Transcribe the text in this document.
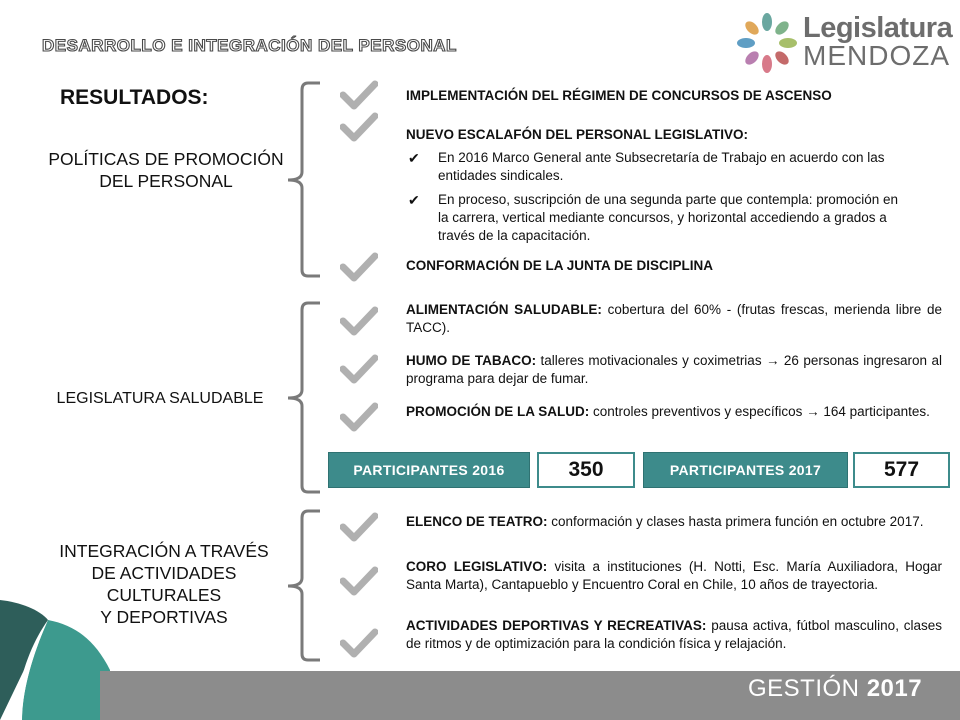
DESARROLLO E INTEGRACIÓN DEL PERSONAL
Legislatura
MENDOZA
RESULTADOS:
POLÍTICAS DE PROMOCIÓN DEL PERSONAL
LEGISLATURA SALUDABLE
INTEGRACIÓN A TRAVÉS
DE ACTIVIDADES
CULTURALES
Y DEPORTIVAS
IMPLEMENTACIÓN DEL RÉGIMEN DE CONCURSOS DE ASCENSO
NUEVO ESCALAFÓN DEL PERSONAL LEGISLATIVO:
✔ En 2016 Marco General ante Subsecretaría de Trabajo en acuerdo con las entidades sindicales.
✔ En proceso, suscripción de una segunda parte que contempla: promoción en la carrera, vertical mediante concursos, y horizontal accediendo a grados a través de la capacitación.
CONFORMACIÓN DE LA JUNTA DE DISCIPLINA
ALIMENTACIÓN SALUDABLE: cobertura del 60% - (frutas frescas, merienda libre de TACC).
HUMO DE TABACO: talleres motivacionales y coximetrias → 26 personas ingresaron al programa para dejar de fumar.
PROMOCIÓN DE LA SALUD: controles preventivos y específicos → 164 participantes.
PARTICIPANTES 2016	350	PARTICIPANTES 2017	577
ELENCO DE TEATRO: conformación y clases hasta primera función en octubre 2017.
CORO LEGISLATIVO: visita a instituciones (H. Notti, Esc. María Auxiliadora, Hogar Santa Marta), Cantapueblo y Encuentro Coral en Chile, 10 años de trayectoria.
ACTIVIDADES DEPORTIVAS Y RECREATIVAS: pausa activa, fútbol masculino, clases de ritmos y de optimización para la condición física y relajación.
GESTIÓN 2017
